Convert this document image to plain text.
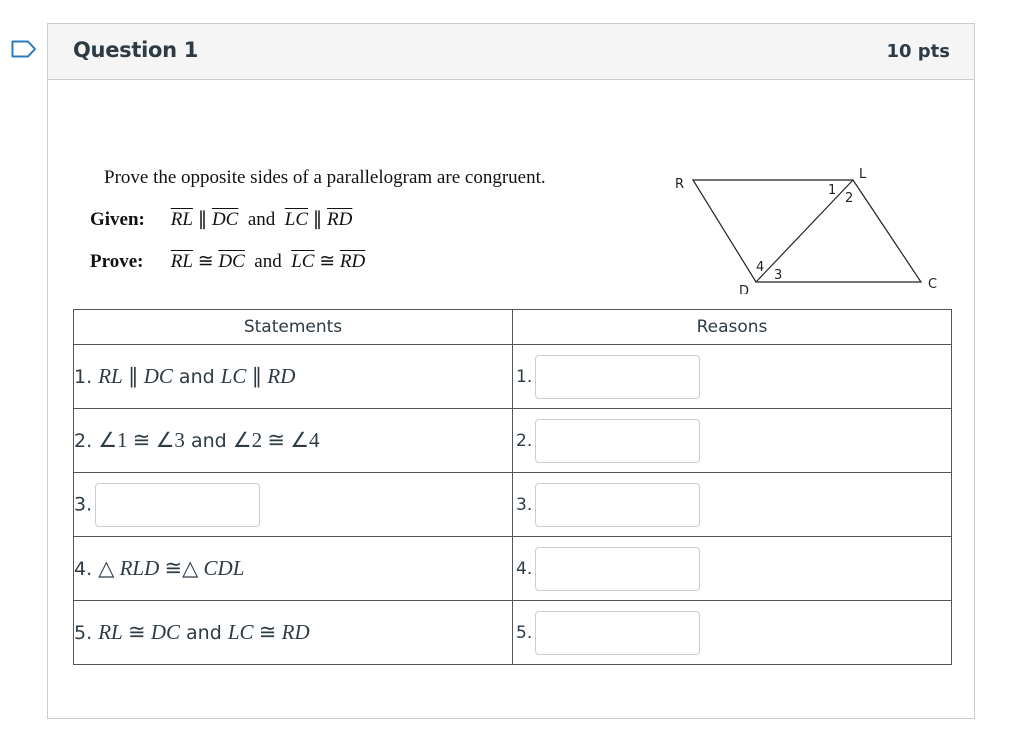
Question 1	10 pts
Prove the opposite sides of a parallelogram are congruent.
Given: $\overline{RL}$ ∥ $\overline{DC}$ and $\overline{LC}$ ∥ $\overline{RD}$
Prove: $\overline{RL}$ ≅ $\overline{DC}$ and $\overline{LC}$ ≅ $\overline{RD}$
R
L
D	C
1
2
4
3
Statements	Reasons
1. RL ∥ DC and LC ∥ RD	1.
2. ∠1 ≅ ∠3 and ∠2 ≅ ∠4	2.
3.	3.
4. △ RLD ≅△ CDL	4.
5. RL ≅ DC and LC ≅ RD	5.
